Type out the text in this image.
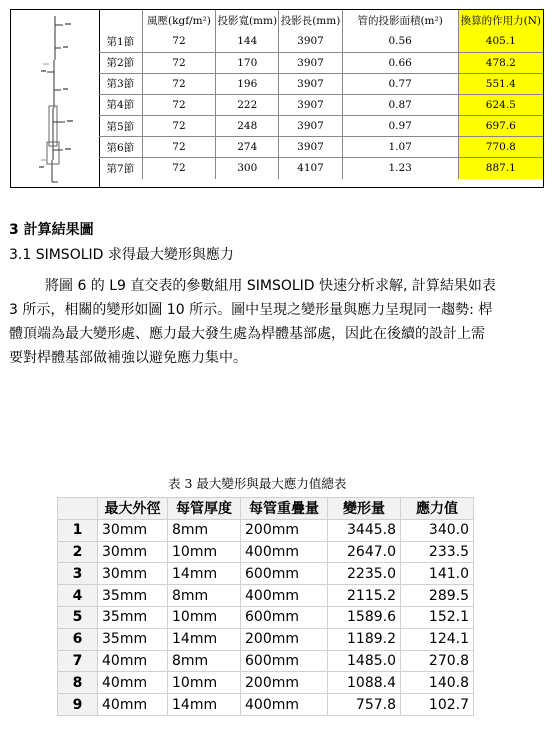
	風壓(kgf/m²)	投影寬(mm)	投影長(mm)	管的投影面積(m²)	換算的作用力(N)
第1節	72	144	3907	0.56	405.1
第2節	72	170	3907	0.66	478.2
第3節	72	196	3907	0.77	551.4
第4節	72	222	3907	0.87	624.5
第5節	72	248	3907	0.97	697.6
第6節	72	274	3907	1.07	770.8
第7節	72	300	4107	1.23	887.1
3 計算結果圖
3.1 SIMSOLID 求得最大變形與應力
將圖 6 的 L9 直交表的參數組用 SIMSOLID 快速分析求解, 計算結果如表
3 所示，相關的變形如圖 10 所示。圖中呈現之變形量與應力呈現同一趨勢: 桿
體頂端為最大變形處、應力最大發生處為桿體基部處，因此在後續的設計上需
要對桿體基部做補強以避免應力集中。
表 3 最大變形與最大應力值總表
	最大外徑	每管厚度	每管重疊量	變形量	應力值
1	30mm	8mm	200mm	3445.8	340.0
2	30mm	10mm	400mm	2647.0	233.5
3	30mm	14mm	600mm	2235.0	141.0
4	35mm	8mm	400mm	2115.2	289.5
5	35mm	10mm	600mm	1589.6	152.1
6	35mm	14mm	200mm	1189.2	124.1
7	40mm	8mm	600mm	1485.0	270.8
8	40mm	10mm	200mm	1088.4	140.8
9	40mm	14mm	400mm	757.8	102.7
